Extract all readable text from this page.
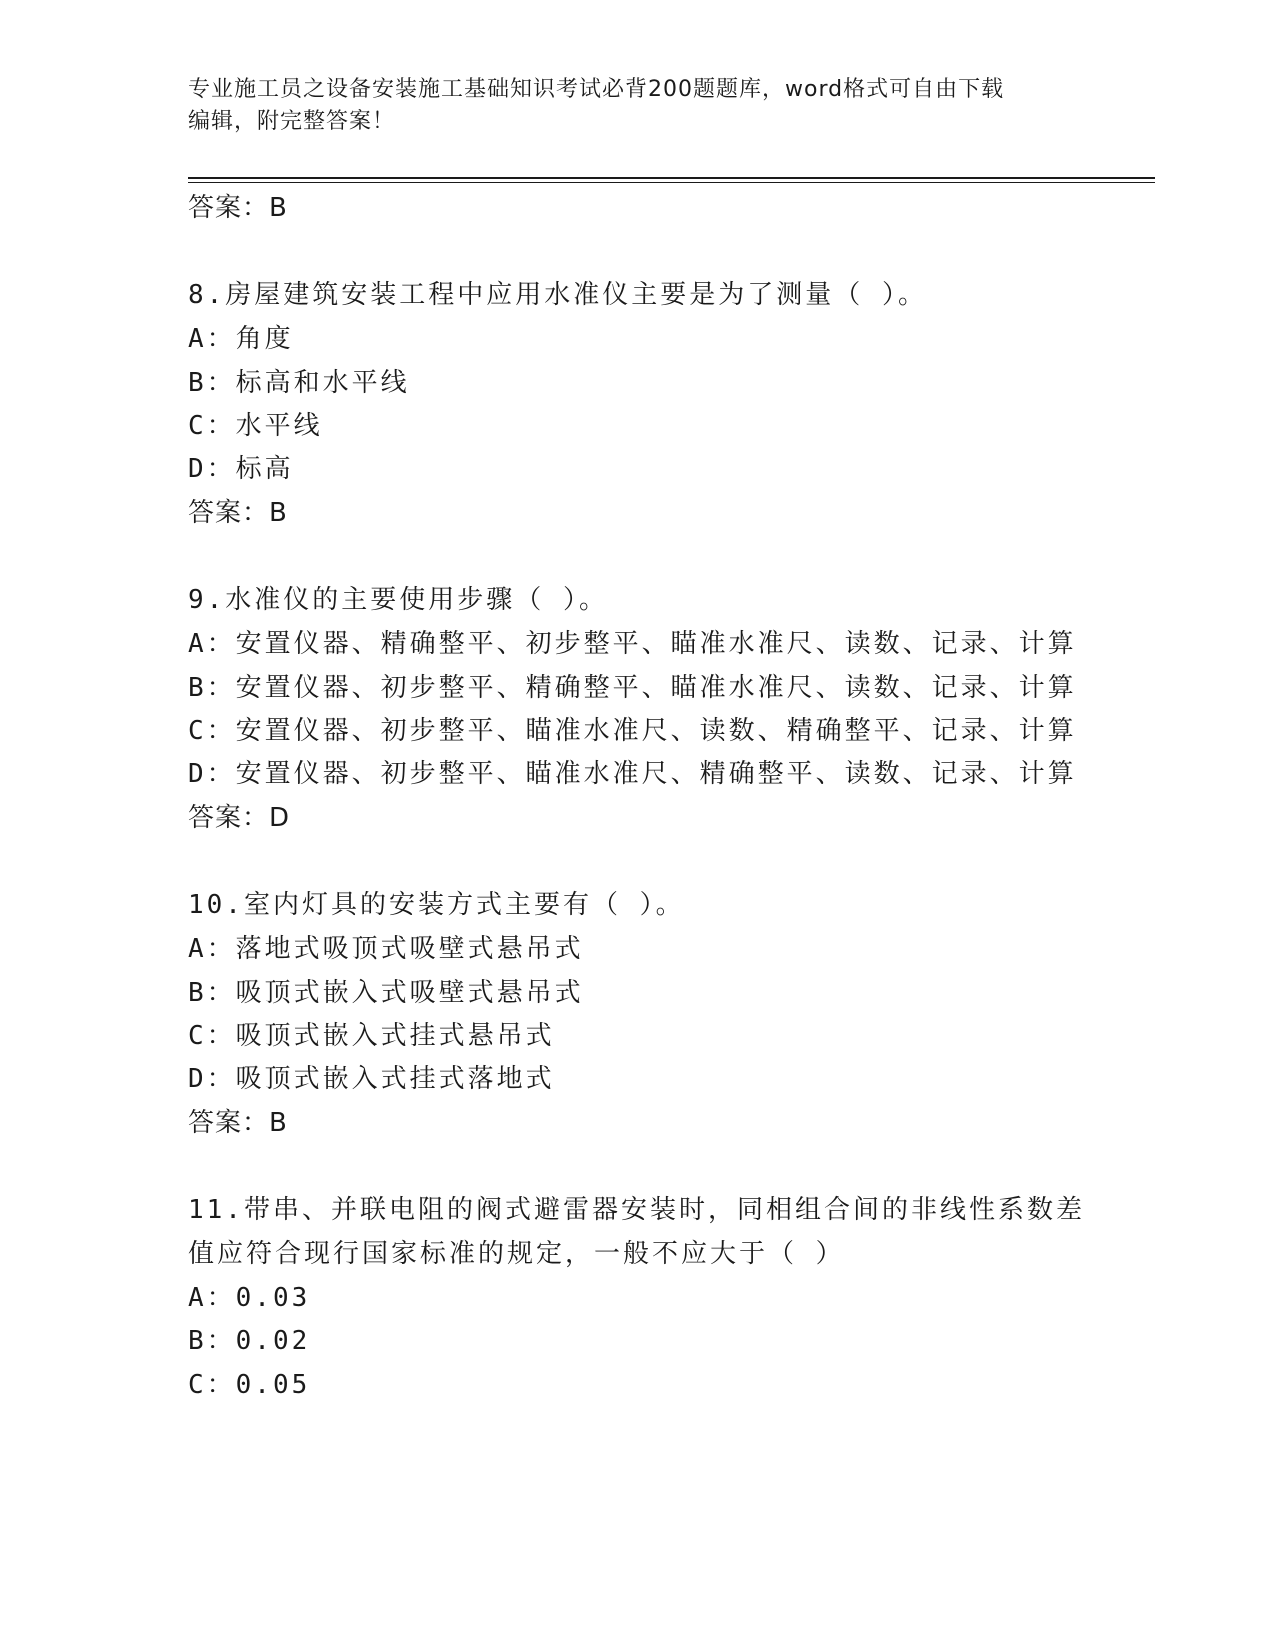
专业施工员之设备安装施工基础知识考试必背200题题库，word格式可自由下载
编辑，附完整答案！
答案：B
8.房屋建筑安装工程中应用水准仪主要是为了测量（ ）。
A：角度
B：标高和水平线
C：水平线
D：标高
答案：B
9.水准仪的主要使用步骤（ ）。
A：安置仪器、精确整平、初步整平、瞄准水准尺、读数、记录、计算
B：安置仪器、初步整平、精确整平、瞄准水准尺、读数、记录、计算
C：安置仪器、初步整平、瞄准水准尺、读数、精确整平、记录、计算
D：安置仪器、初步整平、瞄准水准尺、精确整平、读数、记录、计算
答案：D
10.室内灯具的安装方式主要有（ ）。
A：落地式吸顶式吸壁式悬吊式
B：吸顶式嵌入式吸壁式悬吊式
C：吸顶式嵌入式挂式悬吊式
D：吸顶式嵌入式挂式落地式
答案：B
11.带串、并联电阻的阀式避雷器安装时，同相组合间的非线性系数差
值应符合现行国家标准的规定，一般不应大于（ ）
A：0.03
B：0.02
C：0.05
